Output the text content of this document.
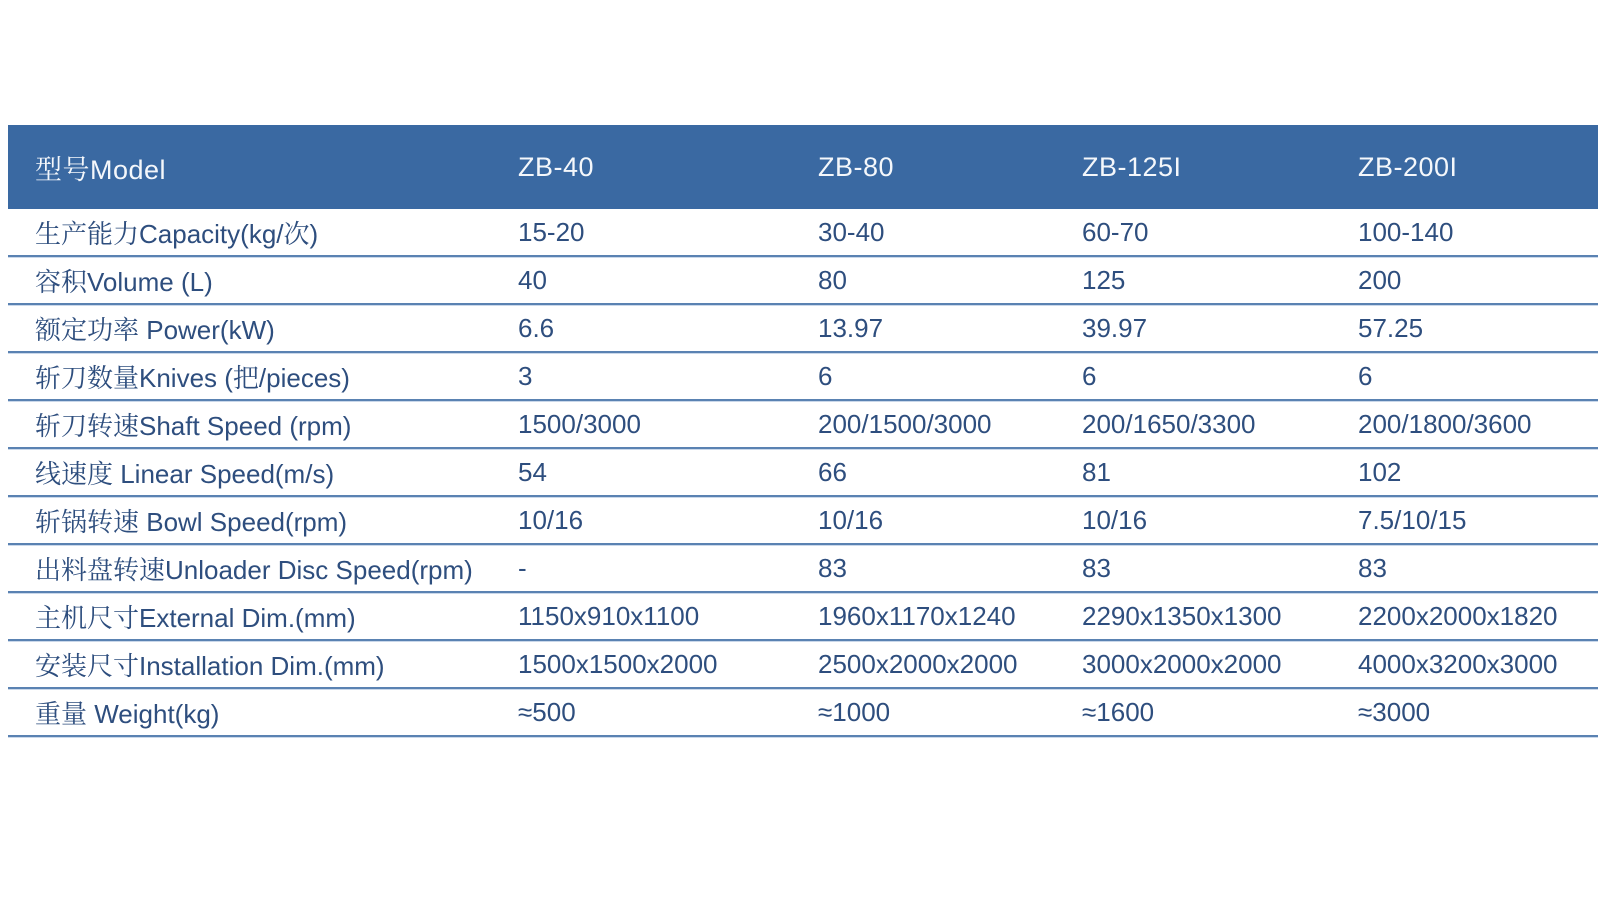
型号Model	ZB-40	ZB-80	ZB-125I	ZB-200I
生产能力Capacity(kg/次)	15-20	30-40	60-70	100-140
容积Volume (L)	40	80	125	200
额定功率 Power(kW)	6.6	13.97	39.97	57.25
斩刀数量Knives (把/pieces)	3	6	6	6
斩刀转速Shaft Speed (rpm)	1500/3000	200/1500/3000	200/1650/3300	200/1800/3600
线速度 Linear Speed(m/s)	54	66	81	102
斩锅转速 Bowl Speed(rpm)	10/16	10/16	10/16	7.5/10/15
出料盘转速Unloader Disc Speed(rpm)	-	83	83	83
主机尺寸External Dim.(mm)	1150x910x1100	1960x1170x1240	2290x1350x1300	2200x2000x1820
安装尺寸Installation Dim.(mm)	1500x1500x2000	2500x2000x2000	3000x2000x2000	4000x3200x3000
重量 Weight(kg)	≈500	≈1000	≈1600	≈3000
